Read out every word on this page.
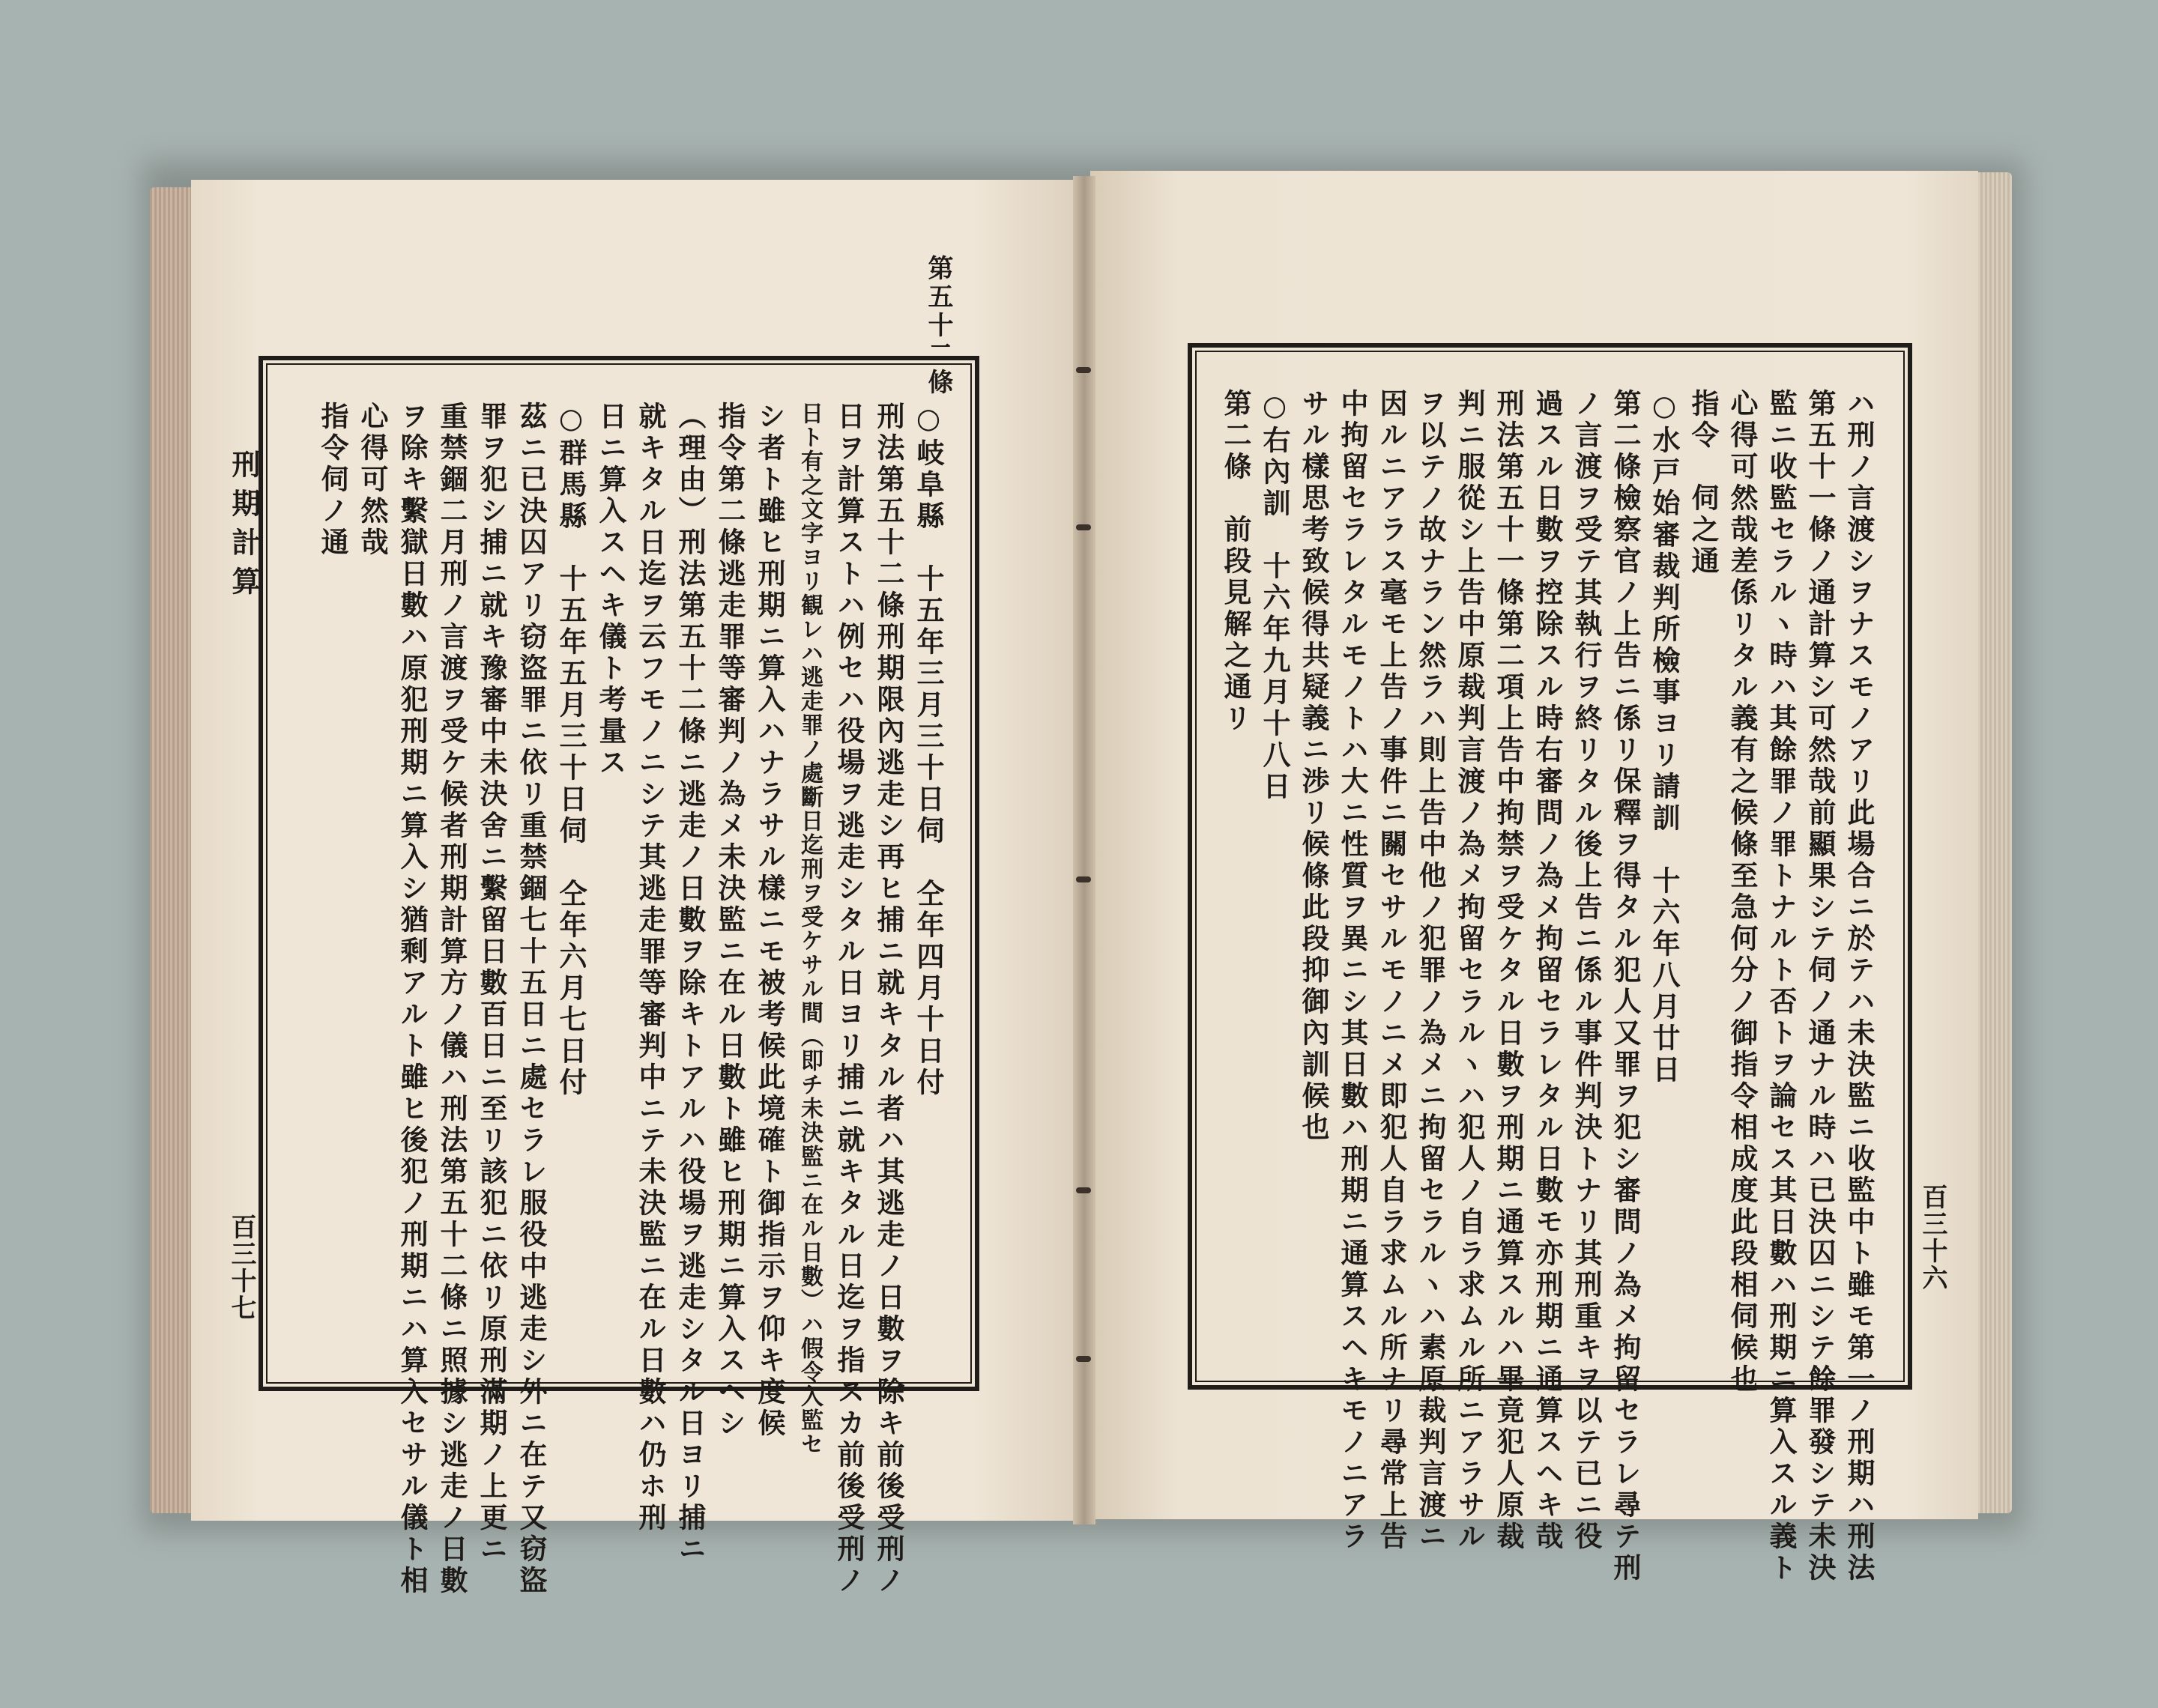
第五十二條
刑期計算
百三十七
○岐阜縣　十五年三月三十日伺　仝年四月十日付
刑法第五十二條刑期限內逃走シ再ヒ捕ニ就キタル者ハ其逃走ノ日數ヲ除キ前後受刑ノ
日ヲ計算ストハ例セハ役場ヲ逃走シタル日ヨリ捕ニ就キタル日迄ヲ指スカ前後受刑ノ
日ト有之文字ヨリ観レハ逃走罪ノ處斷日迄刑ヲ受ケサル間（即チ未決監ニ在ル日數）ハ假令入監セ
シ者ト雖ヒ刑期ニ算入ハナラサル樣ニモ被考候此境確ト御指示ヲ仰キ度候
指令第二條逃走罪等審判ノ為メ未決監ニ在ル日數ト雖ヒ刑期ニ算入スヘシ
（理由）刑法第五十二條ニ逃走ノ日數ヲ除キトアルハ役場ヲ逃走シタル日ヨリ捕ニ
就キタル日迄ヲ云フモノニシテ其逃走罪等審判中ニテ未決監ニ在ル日數ハ仍ホ刑
日ニ算入スヘキ儀ト考量ス
○群馬縣　十五年五月三十日伺　仝年六月七日付
茲ニ已決囚アリ窃盜罪ニ依リ重禁錮七十五日ニ處セラレ服役中逃走シ外ニ在テ又窃盜
罪ヲ犯シ捕ニ就キ豫審中未決舍ニ繫留日數百日ニ至リ該犯ニ依リ原刑滿期ノ上更ニ
重禁錮二月刑ノ言渡ヲ受ケ候者刑期計算方ノ儀ハ刑法第五十二條ニ照據シ逃走ノ日數
ヲ除キ繫獄日數ハ原犯刑期ニ算入シ猶剩アルト雖ヒ後犯ノ刑期ニハ算入セサル儀ト相
心得可然哉
指令伺ノ通
百三十六
ハ刑ノ言渡シヲナスモノアリ此場合ニ於テハ未決監ニ收監中ト雖モ第一ノ刑期ハ刑法
第五十一條ノ通計算シ可然哉前顯果シテ伺ノ通ナル時ハ已決囚ニシテ餘罪發シテ未決
監ニ收監セラルヽ時ハ其餘罪ノ罪トナルト否トヲ論セス其日數ハ刑期ニ算入スル義ト
心得可然哉差係リタル義有之候條至急何分ノ御指令相成度此段相伺候也
指令　伺之通
○水戸始審裁判所檢事ヨリ請訓　十六年八月廿日
第二條檢察官ノ上告ニ係リ保釋ヲ得タル犯人又罪ヲ犯シ審問ノ為メ拘留セラレ尋テ刑
ノ言渡ヲ受テ其執行ヲ終リタル後上告ニ係ル事件判決トナリ其刑重キヲ以テ已ニ役
過スル日數ヲ控除スル時右審問ノ為メ拘留セラレタル日數モ亦刑期ニ通算スヘキ哉
刑法第五十一條第二項上告中拘禁ヲ受ケタル日數ヲ刑期ニ通算スルハ畢竟犯人原裁
判ニ服從シ上告中原裁判言渡ノ為メ拘留セラルヽハ犯人ノ自ラ求ムル所ニアラサル
ヲ以テノ故ナラン然ラハ則上告中他ノ犯罪ノ為メニ拘留セラルヽハ素原裁判言渡ニ
因ルニアラス毫モ上告ノ事件ニ關セサルモノニメ即犯人自ラ求ムル所ナリ尋常上告
中拘留セラレタルモノトハ大ニ性質ヲ異ニシ其日數ハ刑期ニ通算スヘキモノニアラ
サル樣思考致候得共疑義ニ渉リ候條此段抑御內訓候也
○右內訓　十六年九月十八日
第二條　前段見解之通リ
